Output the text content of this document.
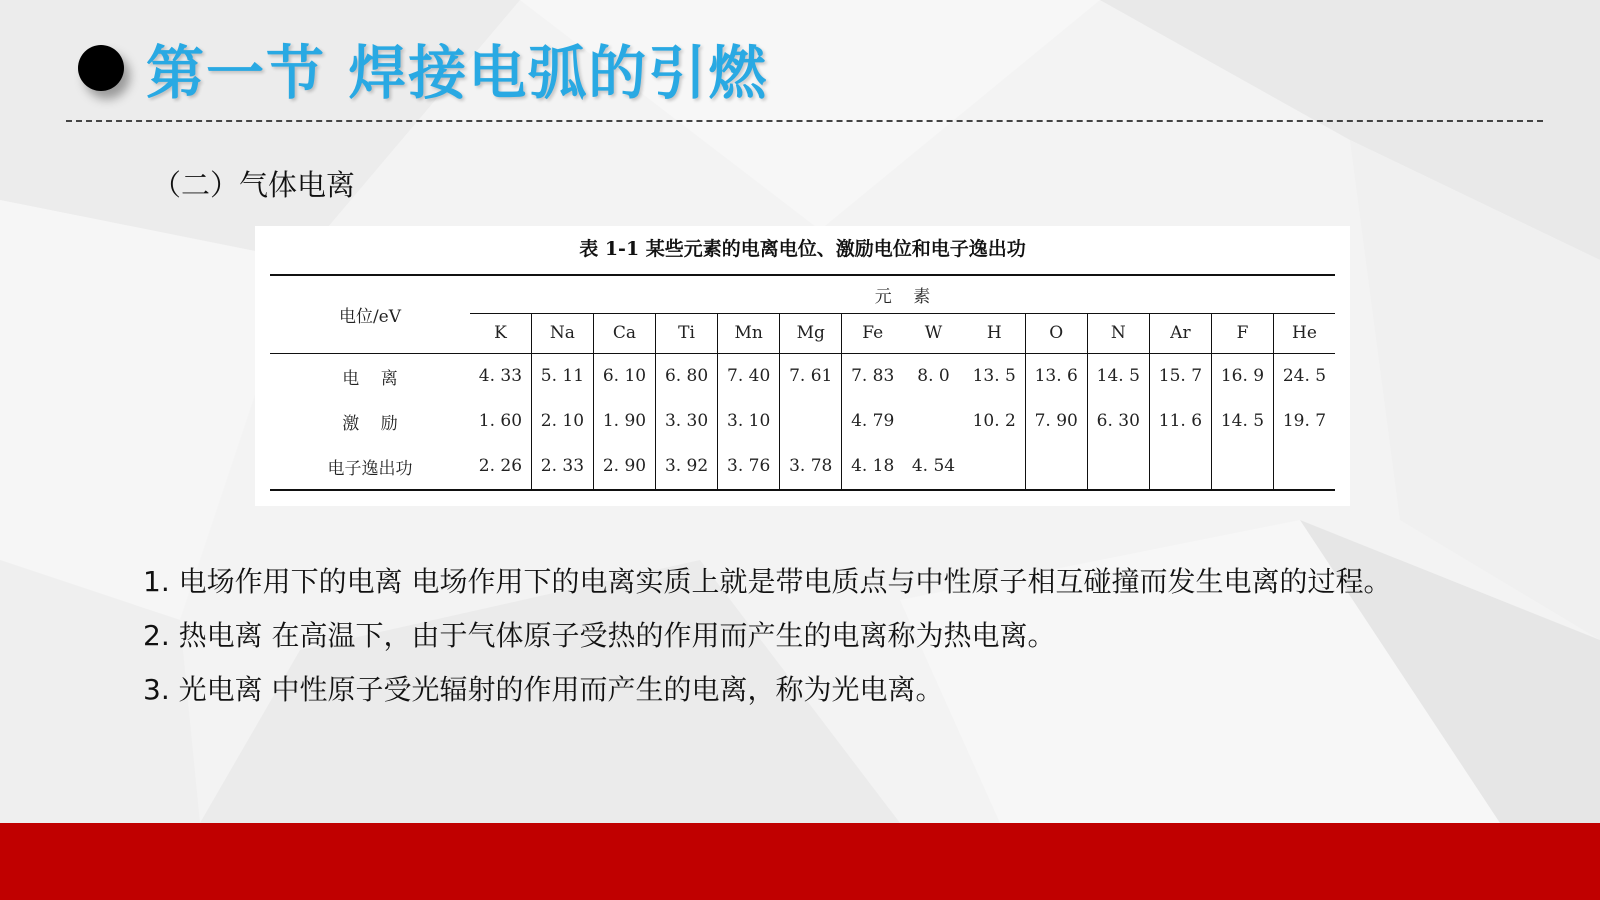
第一节 焊接电弧的引燃
（二）气体电离
表 1-1 某些元素的电离电位、激励电位和电子逸出功
电位/eV	元    素													
	K	Na	Ca	Ti	Mn	Mg	Fe	W	H	O	N	Ar	F	He
电    离	4. 33	5. 11	6. 10	6. 80	7. 40	7. 61	7. 83	8. 0	13. 5	13. 6	14. 5	15. 7	16. 9	24. 5
激    励	1. 60	2. 10	1. 90	3. 30	3. 10		4. 79		10. 2	7. 90	6. 30	11. 6	14. 5	19. 7
电子逸出功	2. 26	2. 33	2. 90	3. 92	3. 76	3. 78	4. 18	4. 54						
1. 电场作用下的电离 电场作用下的电离实质上就是带电质点与中性原子相互碰撞而发生电离的过程。
2. 热电离 在高温下，由于气体原子受热的作用而产生的电离称为热电离。
3. 光电离 中性原子受光辐射的作用而产生的电离，称为光电离。
